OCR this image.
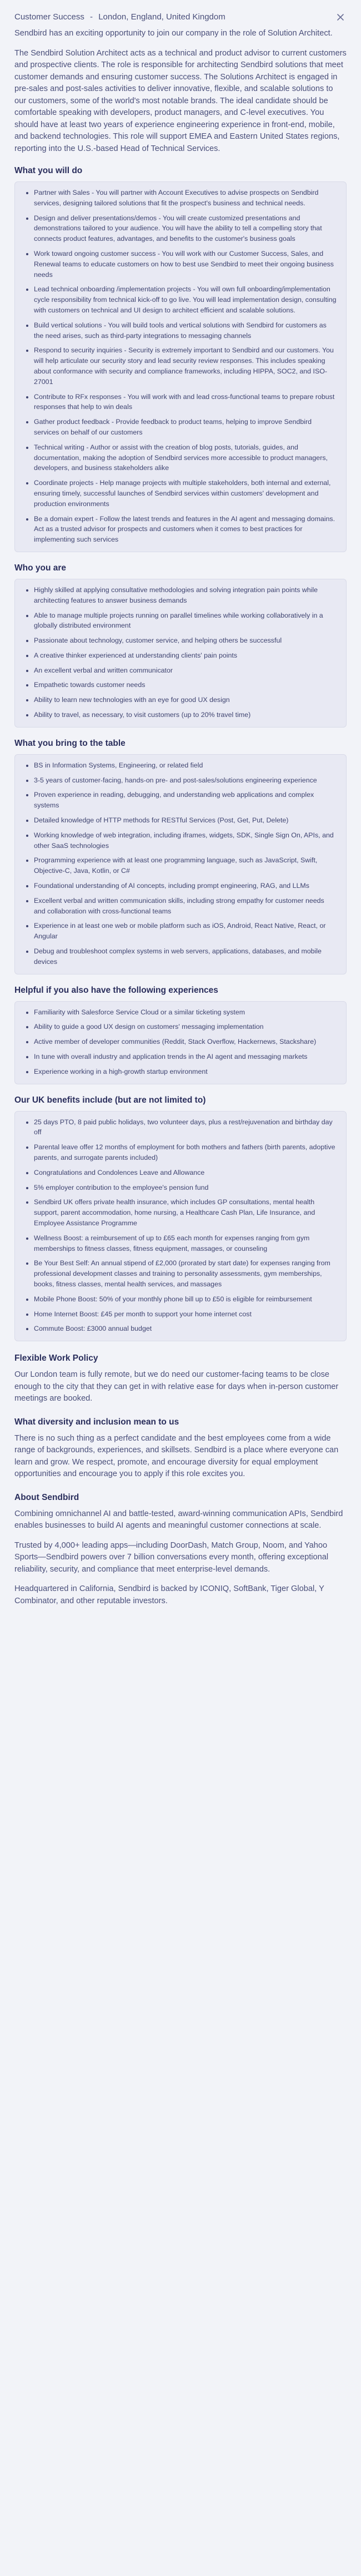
Customer Success - London, England, United Kingdom

Sendbird has an exciting opportunity to join our company in the role of Solution Architect.

The Sendbird Solution Architect acts as a technical and product advisor to current customers and prospective clients. The role is responsible for architecting Sendbird solutions that meet customer demands and ensuring customer success. The Solutions Architect is engaged in pre-sales and post-sales activities to deliver innovative, flexible, and scalable solutions to our customers, some of the world's most notable brands. The ideal candidate should be comfortable speaking with developers, product managers, and C-level executives. You should have at least two years of experience engineering experience in front-end, mobile, and backend technologies. This role will support EMEA and Eastern United States regions, reporting into the U.S.-based Head of Technical Services.

What you will do
• Partner with Sales - You will partner with Account Executives to advise prospects on Sendbird services, designing tailored solutions that fit the prospect's business and technical needs.
• Design and deliver presentations/demos - You will create customized presentations and demonstrations tailored to your audience. You will have the ability to tell a compelling story that connects product features, advantages, and benefits to the customer's business goals
• Work toward ongoing customer success - You will work with our Customer Success, Sales, and Renewal teams to educate customers on how to best use Sendbird to meet their ongoing business needs
• Lead technical onboarding /implementation projects - You will own full onboarding/implementation cycle responsibility from technical kick-off to go live. You will lead implementation design, consulting with customers on technical and UI design to architect efficient and scalable solutions.
• Build vertical solutions - You will build tools and vertical solutions with Sendbird for customers as the need arises, such as third-party integrations to messaging channels
• Respond to security inquiries - Security is extremely important to Sendbird and our customers. You will help articulate our security story and lead security review responses. This includes speaking about conformance with security and compliance frameworks, including HIPPA, SOC2, and ISO-27001
• Contribute to RFx responses - You will work with and lead cross-functional teams to prepare robust responses that help to win deals
• Gather product feedback - Provide feedback to product teams, helping to improve Sendbird services on behalf of our customers
• Technical writing - Author or assist with the creation of blog posts, tutorials, guides, and documentation, making the adoption of Sendbird services more accessible to product managers, developers, and business stakeholders alike
• Coordinate projects - Help manage projects with multiple stakeholders, both internal and external, ensuring timely, successful launches of Sendbird services within customers' development and production environments
• Be a domain expert - Follow the latest trends and features in the AI agent and messaging domains. Act as a trusted advisor for prospects and customers when it comes to best practices for implementing such services
Who you are
• Highly skilled at applying consultative methodologies and solving integration pain points while architecting features to answer business demands
• Able to manage multiple projects running on parallel timelines while working collaboratively in a globally distributed environment
• Passionate about technology, customer service, and helping others be successful
• A creative thinker experienced at understanding clients' pain points
• An excellent verbal and written communicator
• Empathetic towards customer needs
• Ability to learn new technologies with an eye for good UX design
• Ability to travel, as necessary, to visit customers (up to 20% travel time)
What you bring to the table
• BS in Information Systems, Engineering, or related field
• 3-5 years of customer-facing, hands-on pre- and post-sales/solutions engineering experience
• Proven experience in reading, debugging, and understanding web applications and complex systems
• Detailed knowledge of HTTP methods for RESTful Services (Post, Get, Put, Delete)
• Working knowledge of web integration, including iframes, widgets, SDK, Single Sign On, APIs, and other SaaS technologies
• Programming experience with at least one programming language, such as JavaScript, Swift, Objective-C, Java, Kotlin, or C#
• Foundational understanding of AI concepts, including prompt engineering, RAG, and LLMs
• Excellent verbal and written communication skills, including strong empathy for customer needs and collaboration with cross-functional teams
• Experience in at least one web or mobile platform such as iOS, Android, React Native, React, or Angular
• Debug and troubleshoot complex systems in web servers, applications, databases, and mobile devices
Helpful if you also have the following experiences
• Familiarity with Salesforce Service Cloud or a similar ticketing system
• Ability to guide a good UX design on customers' messaging implementation
• Active member of developer communities (Reddit, Stack Overflow, Hackernews, Stackshare)
• In tune with overall industry and application trends in the AI agent and messaging markets
• Experience working in a high-growth startup environment
Our UK benefits include (but are not limited to)
• 25 days PTO, 8 paid public holidays, two volunteer days, plus a rest/rejuvenation and birthday day off
• Parental leave offer 12 months of employment for both mothers and fathers (birth parents, adoptive parents, and surrogate parents included)
• Congratulations and Condolences Leave and Allowance
• 5% employer contribution to the employee's pension fund
• Sendbird UK offers private health insurance, which includes GP consultations, mental health support, parent accommodation, home nursing, a Healthcare Cash Plan, Life Insurance, and Employee Assistance Programme
• Wellness Boost: a reimbursement of up to £65 each month for expenses ranging from gym memberships to fitness classes, fitness equipment, massages, or counseling
• Be Your Best Self: An annual stipend of £2,000 (prorated by start date) for expenses ranging from professional development classes and training to personality assessments, gym memberships, books, fitness classes, mental health services, and massages
• Mobile Phone Boost: 50% of your monthly phone bill up to £50 is eligible for reimbursement
• Home Internet Boost: £45 per month to support your home internet cost
• Commute Boost: £3000 annual budget
Flexible Work Policy

Our London team is fully remote, but we do need our customer-facing teams to be close enough to the city that they can get in with relative ease for days when in-person customer meetings are booked.

What diversity and inclusion mean to us

There is no such thing as a perfect candidate and the best employees come from a wide range of backgrounds, experiences, and skillsets. Sendbird is a place where everyone can learn and grow. We respect, promote, and encourage diversity for equal employment opportunities and encourage you to apply if this role excites you.

About Sendbird

Combining omnichannel AI and battle-tested, award-winning communication APIs, Sendbird enables businesses to build AI agents and meaningful customer connections at scale.

Trusted by 4,000+ leading apps—including DoorDash, Match Group, Noom, and Yahoo Sports—Sendbird powers over 7 billion conversations every month, offering exceptional reliability, security, and compliance that meet enterprise-level demands.

Headquartered in California, Sendbird is backed by ICONIQ, SoftBank, Tiger Global, Y Combinator, and other reputable investors.
